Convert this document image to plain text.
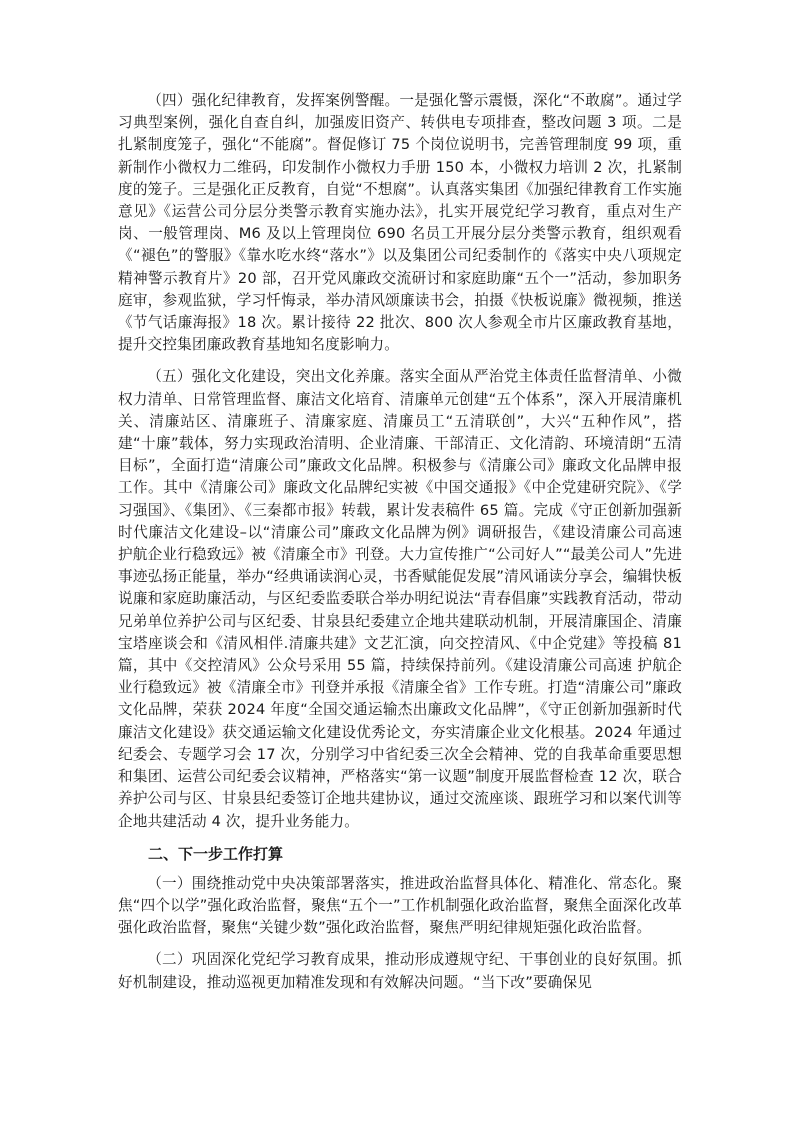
（四）强化纪律教育，发挥案例警醒。一是强化警示震慑，深化“不敢腐”。通过学习典型案例，强化自查自纠，加强废旧资产、转供电专项排查，整改问题 3 项。二是扎紧制度笼子，强化“不能腐”。督促修订 75 个岗位说明书，完善管理制度 99 项，重新制作小微权力二维码，印发制作小微权力手册 150 本，小微权力培训 2 次，扎紧制度的笼子。三是强化正反教育，自觉“不想腐”。认真落实集团《加强纪律教育工作实施意见》《运营公司分层分类警示教育实施办法》，扎实开展党纪学习教育，重点对生产岗、一般管理岗、M6 及以上管理岗位 690 名员工开展分层分类警示教育，组织观看《“褪色”的警服》《靠水吃水终“落水”》以及集团公司纪委制作的《落实中央八项规定精神警示教育片》20 部，召开党风廉政交流研讨和家庭助廉“五个一”活动，参加职务庭审，参观监狱，学习忏悔录，举办清风颂廉读书会，拍摄《快板说廉》微视频，推送《节气话廉海报》18 次。累计接待 22 批次、800 次人参观全市片区廉政教育基地，提升交控集团廉政教育基地知名度影响力。

（五）强化文化建设，突出文化养廉。落实全面从严治党主体责任监督清单、小微权力清单、日常管理监督、廉洁文化培育、清廉单元创建“五个体系”，深入开展清廉机关、清廉站区、清廉班子、清廉家庭、清廉员工“五清联创”，大兴“五种作风”，搭建“十廉”载体，努力实现政治清明、企业清廉、干部清正、文化清韵、环境清朗“五清目标”，全面打造“清廉公司”廉政文化品牌。积极参与《清廉公司》廉政文化品牌申报工作。其中《清廉公司》廉政文化品牌纪实被《中国交通报》《中企党建研究院》、《学习强国》、《集团》、《三秦都市报》转载，累计发表稿件 65 篇。完成《守正创新加强新时代廉洁文化建设–以“清廉公司”廉政文化品牌为例》调研报告，《建设清廉公司高速 护航企业行稳致远》被《清廉全市》刊登。大力宣传推广“公司好人”“最美公司人”先进事迹弘扬正能量，举办“经典诵读润心灵，书香赋能促发展”清风诵读分享会，编辑快板说廉和家庭助廉活动，与区纪委监委联合举办明纪说法“青春倡廉”实践教育活动，带动兄弟单位养护公司与区纪委、甘泉县纪委建立企地共建联动机制，开展清廉国企、清廉宝塔座谈会和《清风相伴.清廉共建》文艺汇演，向交控清风、《中企党建》等投稿 81 篇，其中《交控清风》公众号采用 55 篇，持续保持前列。《建设清廉公司高速 护航企业行稳致远》被《清廉全市》刊登并承报《清廉全省》工作专班。打造“清廉公司”廉政文化品牌，荣获 2024 年度“全国交通运输杰出廉政文化品牌”，《守正创新加强新时代廉洁文化建设》获交通运输文化建设优秀论文，夯实清廉企业文化根基。2024 年通过纪委会、专题学习会 17 次，分别学习中省纪委三次全会精神、党的自我革命重要思想和集团、运营公司纪委会议精神，严格落实“第一议题”制度开展监督检查 12 次，联合养护公司与区、甘泉县纪委签订企地共建协议，通过交流座谈、跟班学习和以案代训等企地共建活动 4 次，提升业务能力。

二、下一步工作打算

（一）围绕推动党中央决策部署落实，推进政治监督具体化、精准化、常态化。聚焦“四个以学”强化政治监督，聚焦“五个一”工作机制强化政治监督，聚焦全面深化改革强化政治监督，聚焦“关键少数”强化政治监督，聚焦严明纪律规矩强化政治监督。

（二）巩固深化党纪学习教育成果，推动形成遵规守纪、干事创业的良好氛围。抓好机制建设，推动巡视更加精准发现和有效解决问题。“当下改”要确保见
